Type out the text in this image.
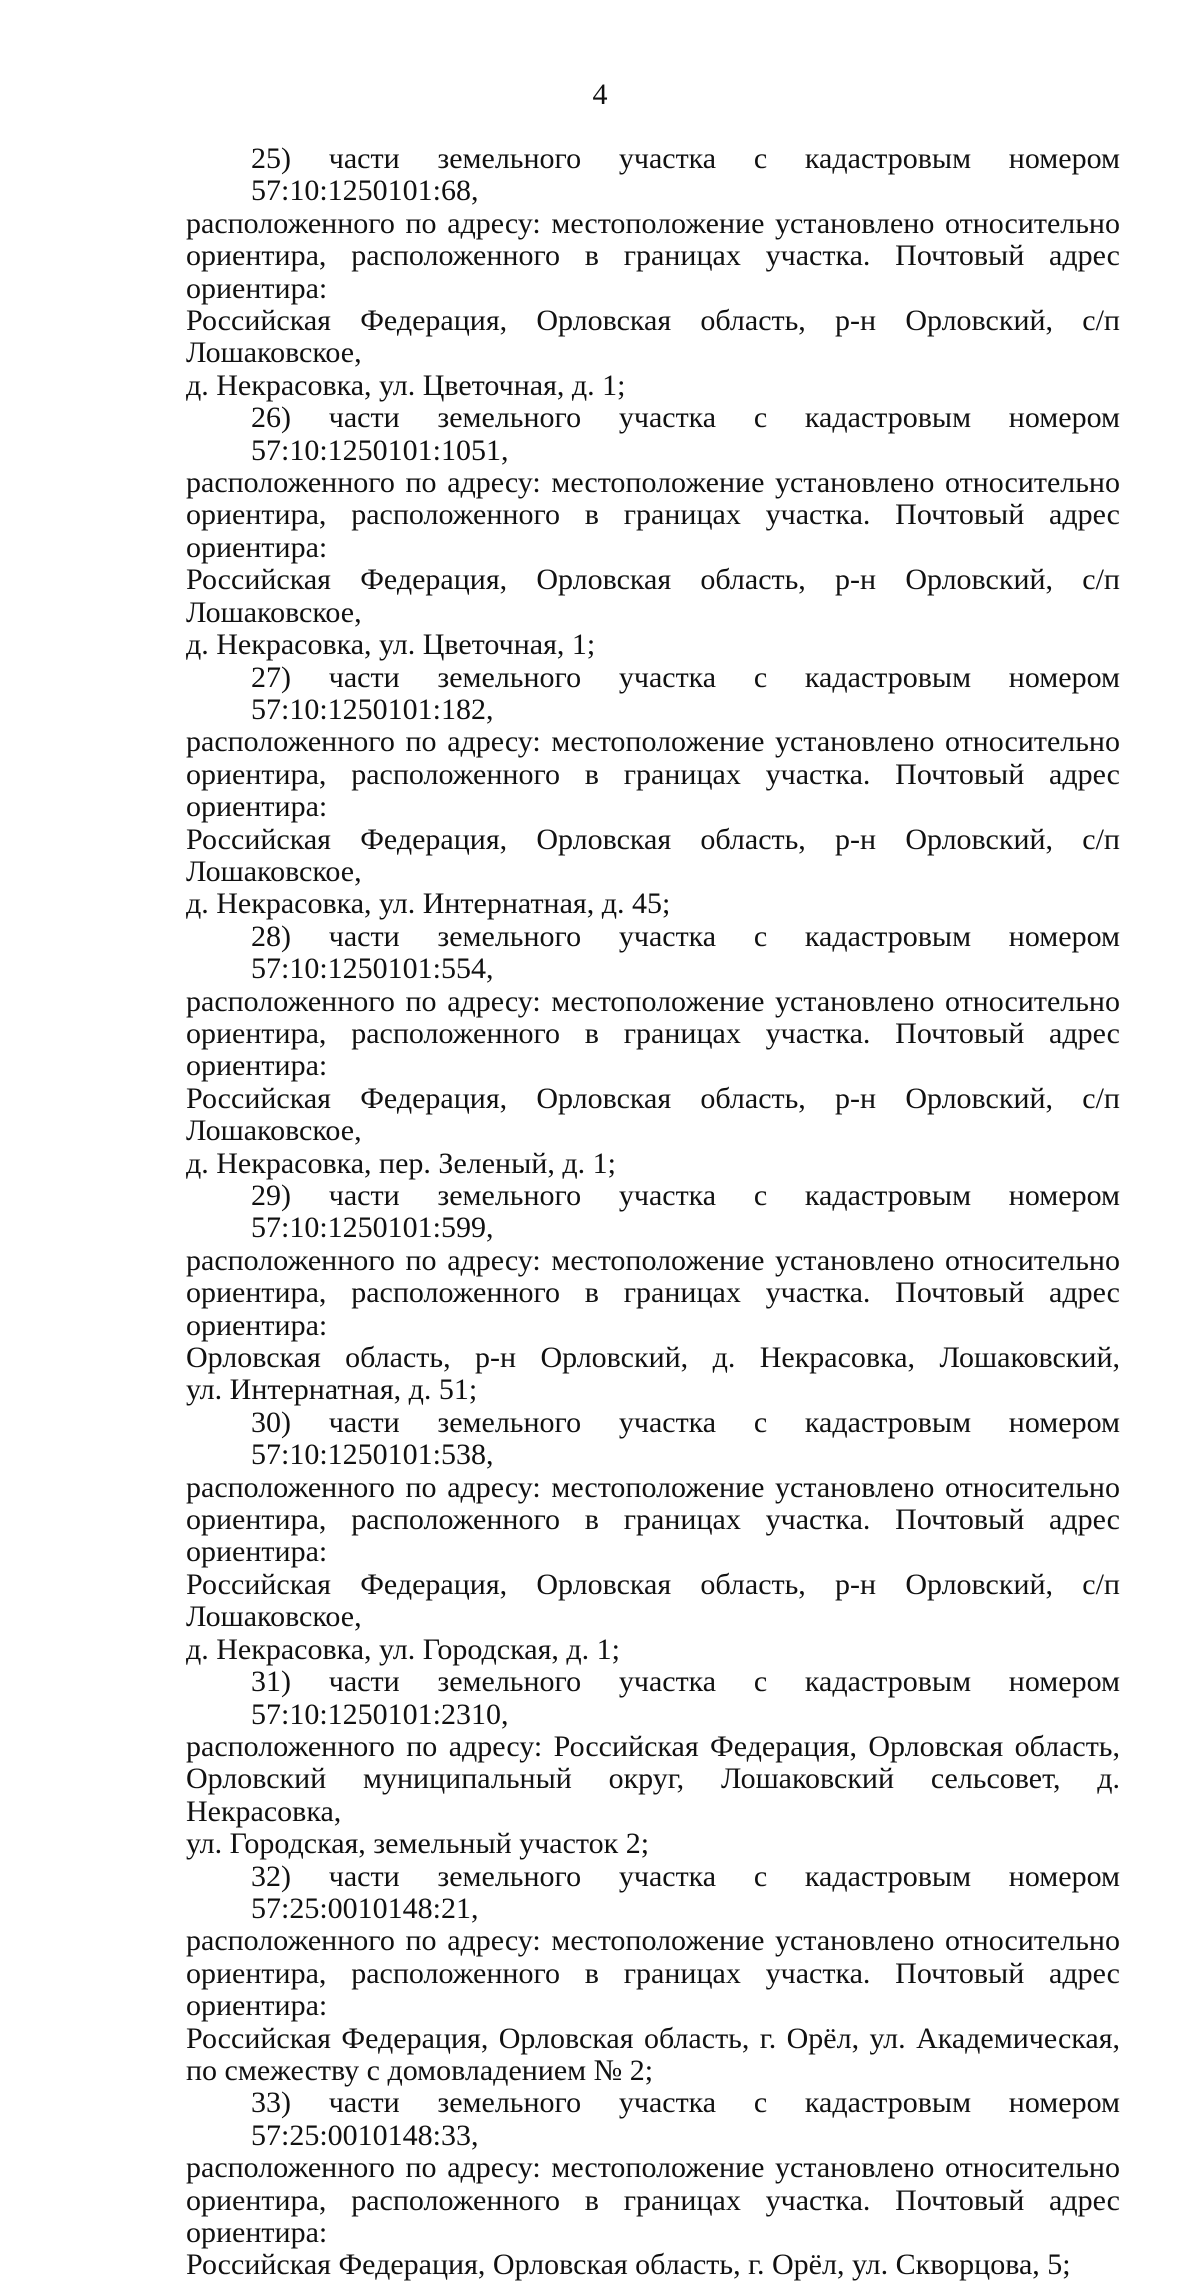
4
25) части земельного участка с кадастровым номером 57:10:1250101:68,
расположенного по адресу: местоположение установлено относительно
ориентира, расположенного в границах участка. Почтовый адрес ориентира:
Российская Федерация, Орловская область, р-н Орловский, с/п Лошаковское,
д. Некрасовка, ул. Цветочная, д. 1;
26) части земельного участка с кадастровым номером 57:10:1250101:1051,
расположенного по адресу: местоположение установлено относительно
ориентира, расположенного в границах участка. Почтовый адрес ориентира:
Российская Федерация, Орловская область, р-н Орловский, с/п Лошаковское,
д. Некрасовка, ул. Цветочная, 1;
27) части земельного участка с кадастровым номером 57:10:1250101:182,
расположенного по адресу: местоположение установлено относительно
ориентира, расположенного в границах участка. Почтовый адрес ориентира:
Российская Федерация, Орловская область, р-н Орловский, с/п Лошаковское,
д. Некрасовка, ул. Интернатная, д. 45;
28) части земельного участка с кадастровым номером 57:10:1250101:554,
расположенного по адресу: местоположение установлено относительно
ориентира, расположенного в границах участка. Почтовый адрес ориентира:
Российская Федерация, Орловская область, р-н Орловский, с/п Лошаковское,
д. Некрасовка, пер. Зеленый, д. 1;
29) части земельного участка с кадастровым номером 57:10:1250101:599,
расположенного по адресу: местоположение установлено относительно
ориентира, расположенного в границах участка. Почтовый адрес ориентира:
Орловская область, р-н Орловский, д. Некрасовка, Лошаковский,
ул. Интернатная, д. 51;
30) части земельного участка с кадастровым номером 57:10:1250101:538,
расположенного по адресу: местоположение установлено относительно
ориентира, расположенного в границах участка. Почтовый адрес ориентира:
Российская Федерация, Орловская область, р-н Орловский, с/п Лошаковское,
д. Некрасовка, ул. Городская, д. 1;
31) части земельного участка с кадастровым номером 57:10:1250101:2310,
расположенного по адресу: Российская Федерация, Орловская область,
Орловский муниципальный округ, Лошаковский сельсовет, д. Некрасовка,
ул. Городская, земельный участок 2;
32) части земельного участка с кадастровым номером 57:25:0010148:21,
расположенного по адресу: местоположение установлено относительно
ориентира, расположенного в границах участка. Почтовый адрес ориентира:
Российская Федерация, Орловская область, г. Орёл, ул. Академическая,
по смежеству с домовладением № 2;
33) части земельного участка с кадастровым номером 57:25:0010148:33,
расположенного по адресу: местоположение установлено относительно
ориентира, расположенного в границах участка. Почтовый адрес ориентира:
Российская Федерация, Орловская область, г. Орёл, ул. Скворцова, 5;
